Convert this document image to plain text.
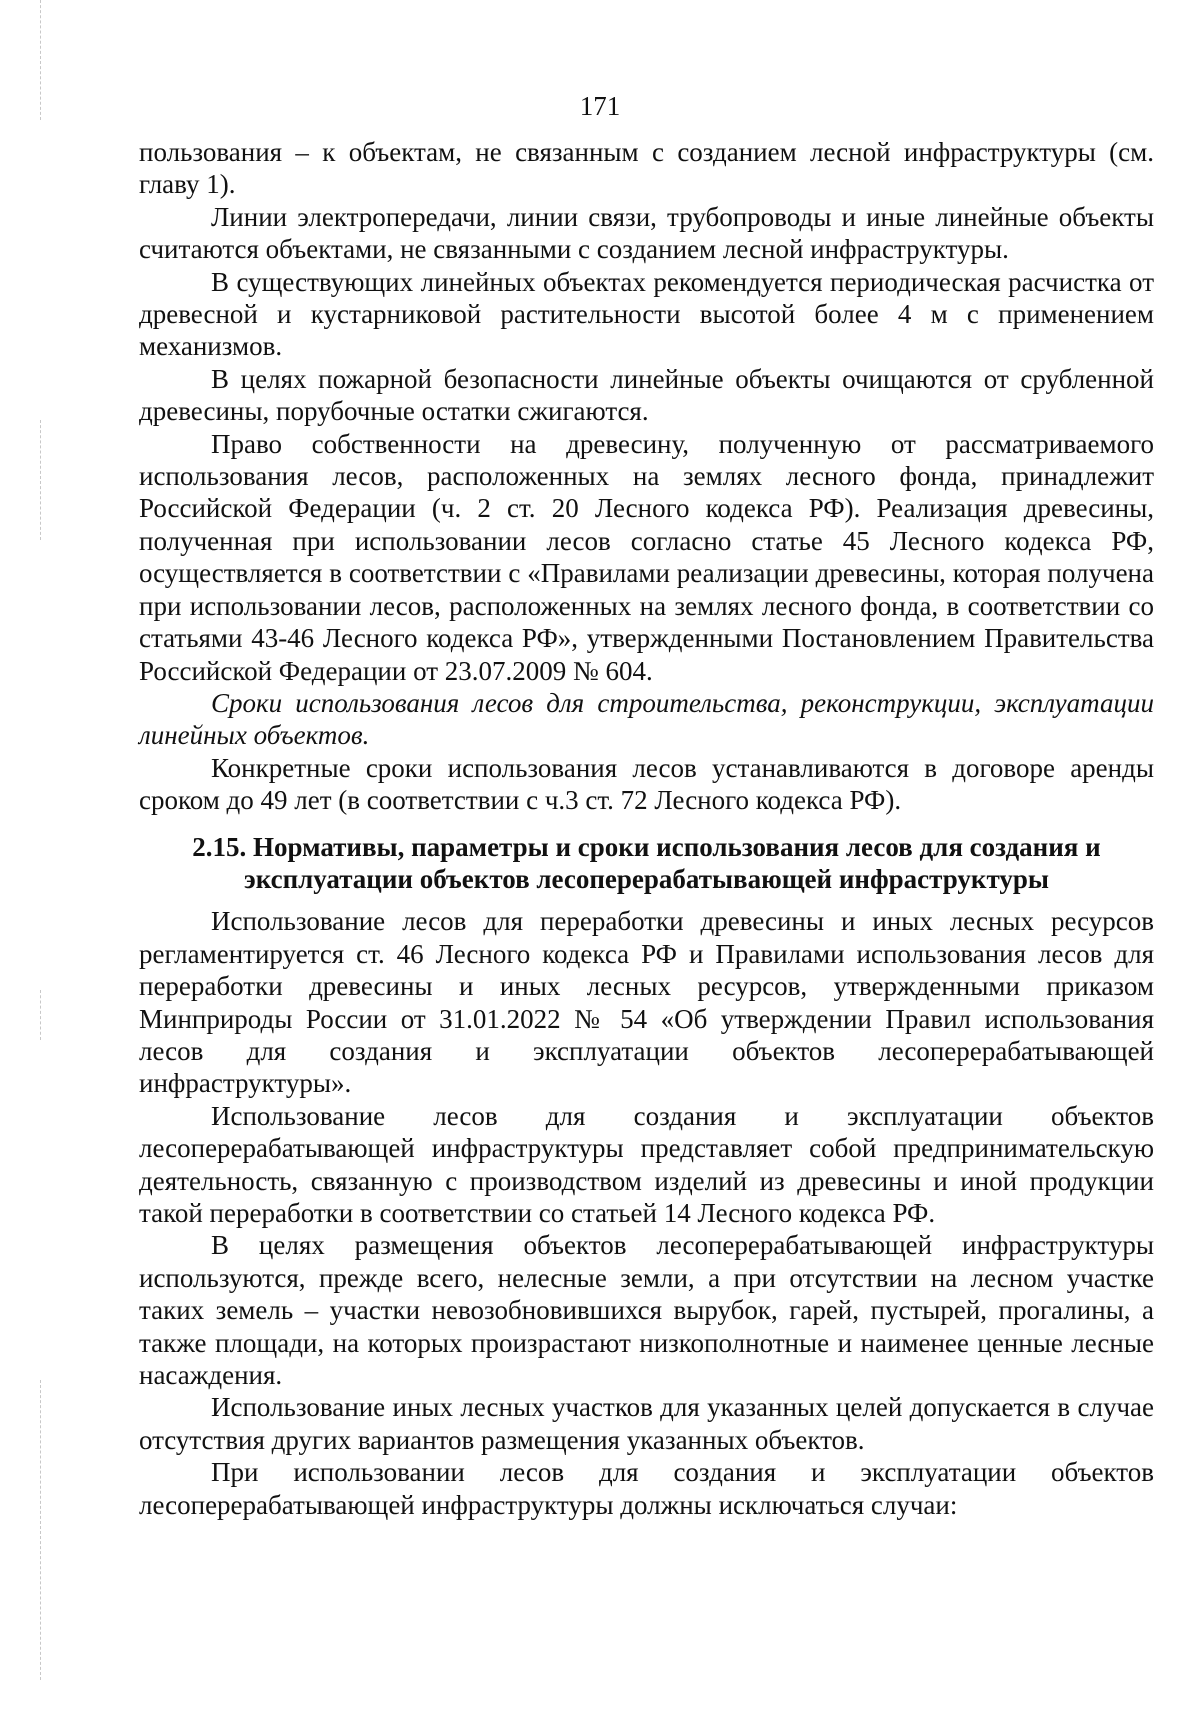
171

пользования – к объектам, не связанным с созданием лесной инфраструктуры (см. главу 1).

Линии электропередачи, линии связи, трубопроводы и иные линейные объекты считаются объектами, не связанными с созданием лесной инфраструктуры.

В существующих линейных объектах рекомендуется периодическая расчистка от древесной и кустарниковой растительности высотой более 4 м с применением механизмов.

В целях пожарной безопасности линейные объекты очищаются от срубленной древесины, порубочные остатки сжигаются.

Право собственности на древесину, полученную от рассматриваемого использования лесов, расположенных на землях лесного фонда, принадлежит Российской Федерации (ч. 2 ст. 20 Лесного кодекса РФ). Реализация древесины, полученная при использовании лесов согласно статье 45 Лесного кодекса РФ, осуществляется в соответствии с «Правилами реализации древесины, которая получена при использовании лесов, расположенных на землях лесного фонда, в соответствии со статьями 43-46 Лесного кодекса РФ», утвержденными Постановлением Правительства Российской Федерации от 23.07.2009 № 604.

Сроки использования лесов для строительства, реконструкции, эксплуатации линейных объектов.

Конкретные сроки использования лесов устанавливаются в договоре аренды сроком до 49 лет (в соответствии с ч.3 ст. 72 Лесного кодекса РФ).

2.15. Нормативы, параметры и сроки использования лесов для создания и эксплуатации объектов лесоперерабатывающей инфраструктуры

Использование лесов для переработки древесины и иных лесных ресурсов регламентируется ст. 46 Лесного кодекса РФ и Правилами использования лесов для переработки древесины и иных лесных ресурсов, утвержденными приказом Минприроды России от 31.01.2022 № 54 «Об утверждении Правил использования лесов для создания и эксплуатации объектов лесоперерабатывающей инфраструктуры».

Использование лесов для создания и эксплуатации объектов лесоперерабатывающей инфраструктуры представляет собой предпринимательскую деятельность, связанную с производством изделий из древесины и иной продукции такой переработки в соответствии со статьей 14 Лесного кодекса РФ.

В целях размещения объектов лесоперерабатывающей инфраструктуры используются, прежде всего, нелесные земли, а при отсутствии на лесном участке таких земель – участки невозобновившихся вырубок, гарей, пустырей, прогалины, а также площади, на которых произрастают низкополнотные и наименее ценные лесные насаждения.

Использование иных лесных участков для указанных целей допускается в случае отсутствия других вариантов размещения указанных объектов.

При использовании лесов для создания и эксплуатации объектов лесоперерабатывающей инфраструктуры должны исключаться случаи:
